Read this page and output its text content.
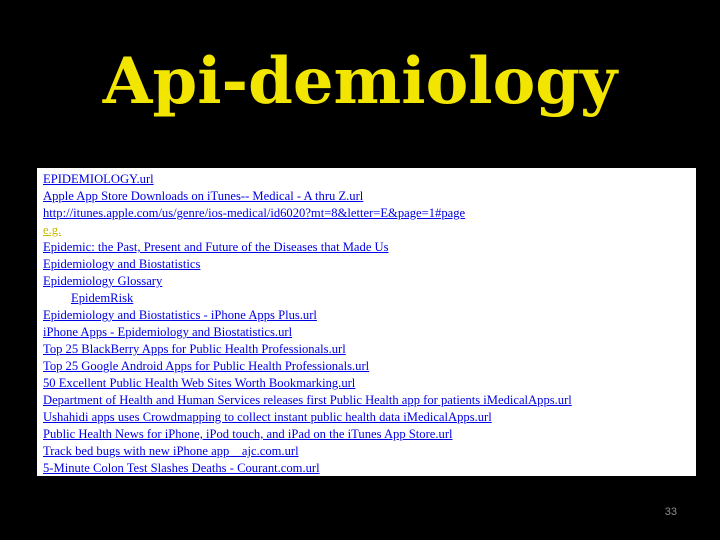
Api-demiology
EPIDEMIOLOGY.url
Apple App Store Downloads on iTunes-- Medical - A thru Z.url
http://itunes.apple.com/us/genre/ios-medical/id6020?mt=8&letter=E&page=1#page
e.g.
Epidemic: the Past, Present and Future of the Diseases that Made Us
Epidemiology and Biostatistics
Epidemiology Glossary
EpidemRisk
Epidemiology and Biostatistics - iPhone Apps Plus.url
iPhone Apps - Epidemiology and Biostatistics.url
Top 25 BlackBerry Apps for Public Health Professionals.url
Top 25 Google Android Apps for Public Health Professionals.url
50 Excellent Public Health Web Sites Worth Bookmarking.url
Department of Health and Human Services releases first Public Health app for patients iMedicalApps.url
Ushahidi apps uses Crowdmapping to collect instant public health data iMedicalApps.url
Public Health News for iPhone, iPod touch, and iPad on the iTunes App Store.url
Track bed bugs with new iPhone app _ ajc.com.url
5-Minute Colon Test Slashes Deaths - Courant.com.url
33
